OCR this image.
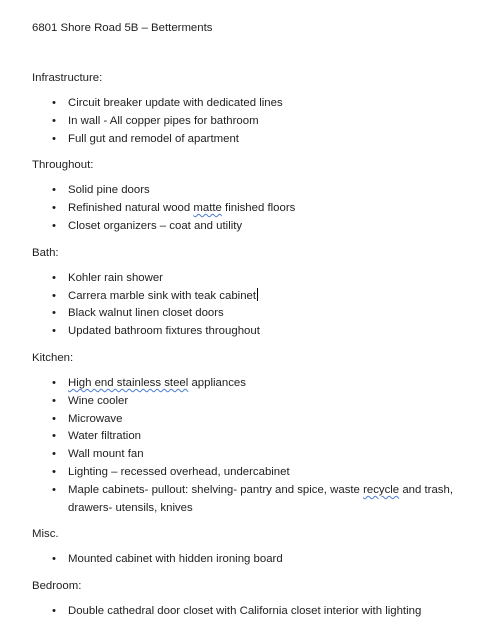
6801 Shore Road 5B – Betterments
Infrastructure:
• Circuit breaker update with dedicated lines
• In wall - All copper pipes for bathroom
• Full gut and remodel of apartment
Throughout:
• Solid pine doors
• Refinished natural wood matte finished floors
• Closet organizers – coat and utility
Bath:
• Kohler rain shower
• Carrera marble sink with teak cabinet
• Black walnut linen closet doors
• Updated bathroom fixtures throughout
Kitchen:
• High end stainless steel appliances
• Wine cooler
• Microwave
• Water filtration
• Wall mount fan
• Lighting – recessed overhead, undercabinet
• Maple cabinets- pullout: shelving- pantry and spice, waste recycle and trash, drawers- utensils, knives
Misc.
• Mounted cabinet with hidden ironing board
Bedroom:
• Double cathedral door closet with California closet interior with lighting
